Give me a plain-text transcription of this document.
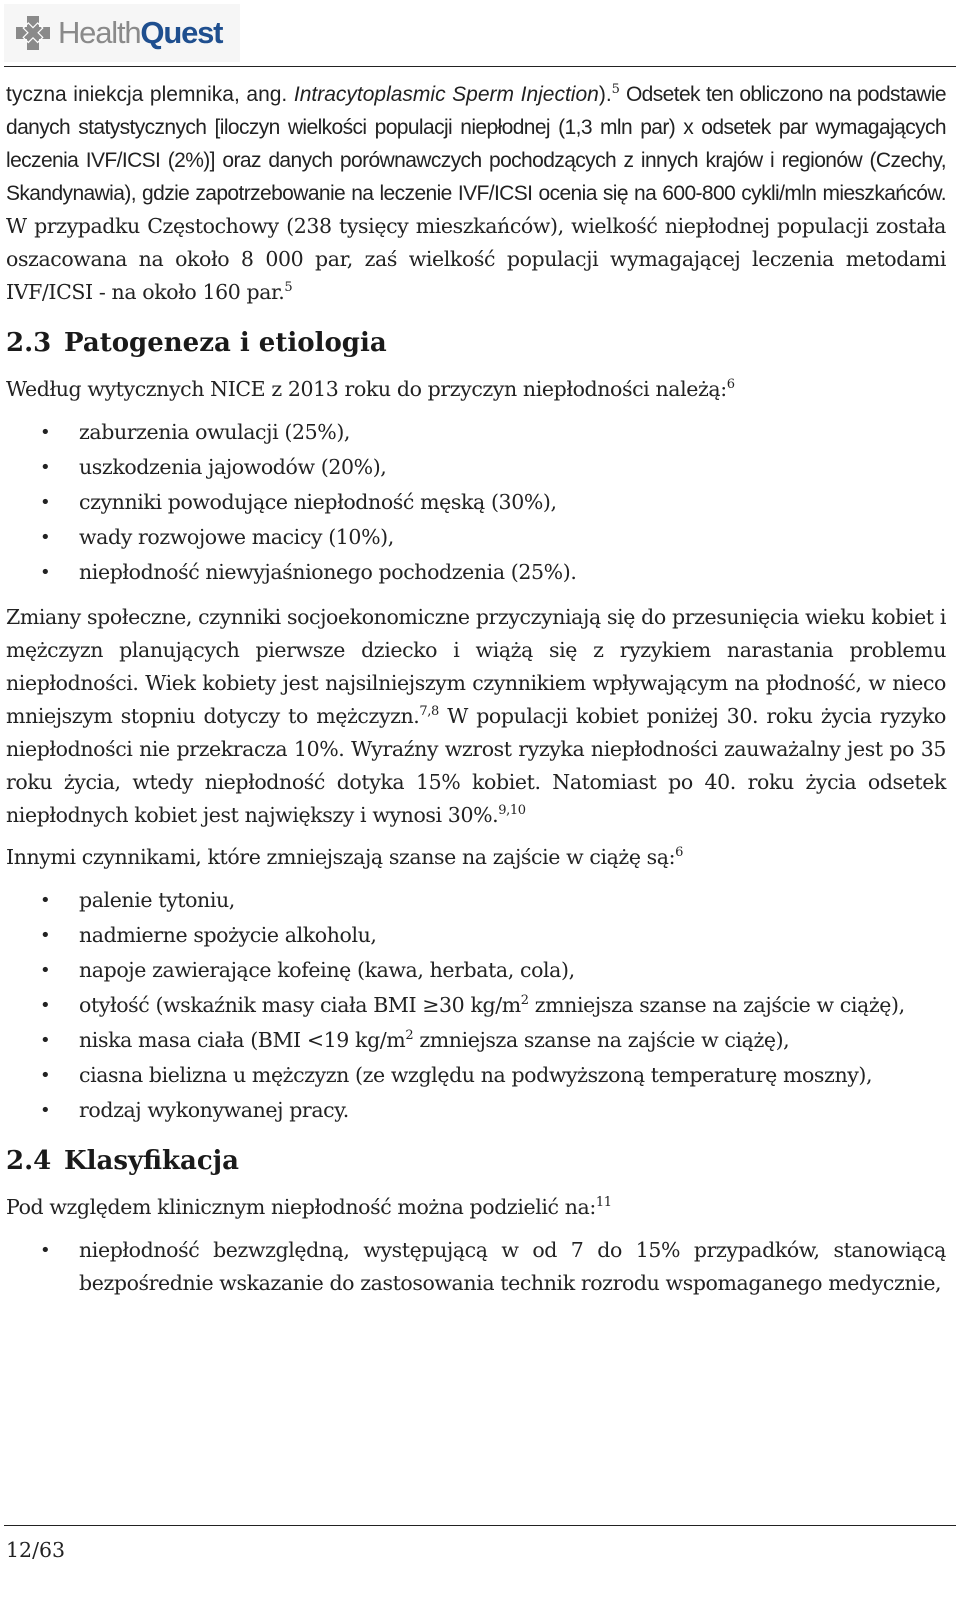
HealthQuest

tyczna iniekcja plemnika, ang. Intracytoplasmic Sperm Injection).$^5$ Odsetek ten obliczono na podstawie danych statystycznych [iloczyn wielkości populacji niepłodnej (1,3 mln par) x odsetek par wymagających leczenia IVF/ICSI (2%)] oraz danych porównawczych pochodzących z innych krajów i regionów (Czechy, Skandynawia), gdzie zapotrzebowanie na leczenie IVF/ICSI ocenia się na 600-800 cykli/mln mieszkańców. W przypadku Częstochowy (238 tysięcy mieszkańców), wielkość niepłodnej populacji została oszacowana na około 8 000 par, zaś wielkość populacji wymagającej leczenia metodami IVF/ICSI - na około 160 par.$^5$

2.3 Patogeneza i etiologia

Według wytycznych NICE z 2013 roku do przyczyn niepłodności należą:$^6$

• zaburzenia owulacji (25%),
• uszkodzenia jajowodów (20%),
• czynniki powodujące niepłodność męską (30%),
• wady rozwojowe macicy (10%),
• niepłodność niewyjaśnionego pochodzenia (25%).

Zmiany społeczne, czynniki socjoekonomiczne przyczyniają się do przesunięcia wieku kobiet i mężczyzn planujących pierwsze dziecko i wiążą się z ryzykiem narastania problemu niepłodności. Wiek kobiety jest najsilniejszym czynnikiem wpływającym na płodność, w nieco mniejszym stopniu dotyczy to mężczyzn.$^{7,8}$ W populacji kobiet poniżej 30. roku życia ryzyko niepłodności nie przekracza 10%. Wyraźny wzrost ryzyka niepłodności zauważalny jest po 35 roku życia, wtedy niepłodność dotyka 15% kobiet. Natomiast po 40. roku życia odsetek niepłodnych kobiet jest największy i wynosi 30%.$^{9,10}$

Innymi czynnikami, które zmniejszają szanse na zajście w ciążę są:$^6$

• palenie tytoniu,
• nadmierne spożycie alkoholu,
• napoje zawierające kofeinę (kawa, herbata, cola),
• otyłość (wskaźnik masy ciała BMI ≥30 $kg/m^2$ zmniejsza szanse na zajście w ciążę),
• niska masa ciała (BMI <19 $kg/m^2$ zmniejsza szanse na zajście w ciążę),
• ciasna bielizna u mężczyzn (ze względu na podwyższoną temperaturę moszny),
• rodzaj wykonywanej pracy.
2.4 Klasyfikacja

Pod względem klinicznym niepłodność można podzielić na:$^{11}$

• niepłodność bezwzględną, występującą w od 7 do 15% przypadków, stanowiącą bezpośrednie wskazanie do zastosowania technik rozrodu wspomaganego medycznie,
12/63
